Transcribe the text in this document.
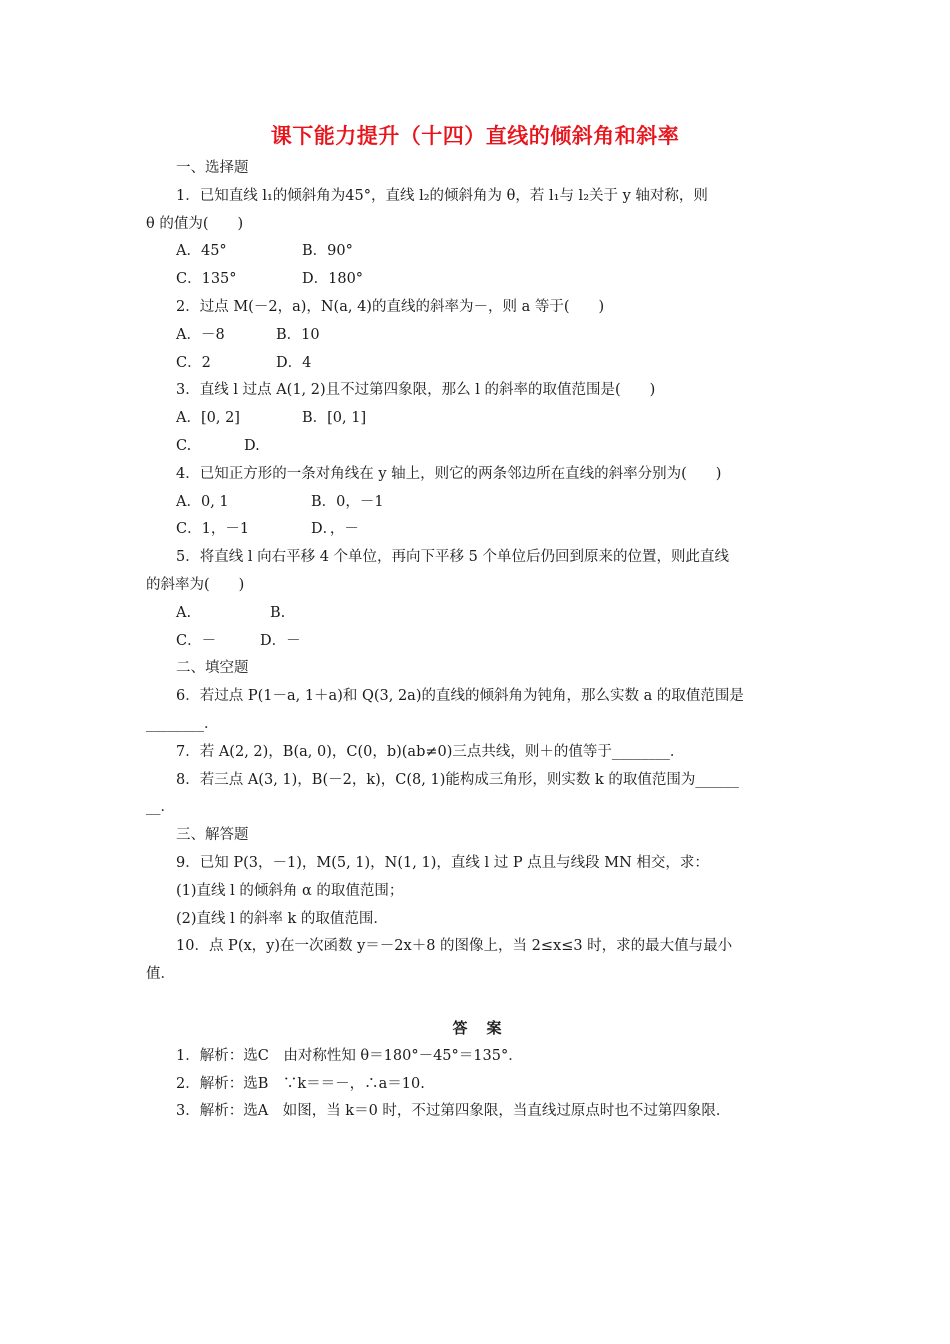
课下能力提升（十四）直线的倾斜角和斜率
一、选择题
1．已知直线 l₁的倾斜角为45°，直线 l₂的倾斜角为 θ，若 l₁与 l₂关于 y 轴对称，则
θ 的值为(　　)
A．45°	B．90°
C．135°	D．180°
2．过点 M(－2，a)，N(a, 4)的直线的斜率为－，则 a 等于(　　)
A．－8	B．10
C．2	D．4
3．直线 l 过点 A(1, 2)且不过第四象限，那么 l 的斜率的取值范围是(　　)
A．[0, 2]	B．[0, 1]
C.	D.
4．已知正方形的一条对角线在 y 轴上，则它的两条邻边所在直线的斜率分别为(　　)
A．0, 1	B．0，－1
C．1，－1	D．，－
5．将直线 l 向右平移 4 个单位，再向下平移 5 个单位后仍回到原来的位置，则此直线
的斜率为(　　)
A.	B.
C．－	D．－
二、填空题
6．若过点 P(1－a, 1＋a)和 Q(3, 2a)的直线的倾斜角为钝角，那么实数 a 的取值范围是
________．
7．若 A(2, 2)，B(a, 0)，C(0，b)(ab≠0)三点共线，则＋的值等于________．
8．若三点 A(3, 1)，B(－2，k)，C(8, 1)能构成三角形，则实数 k 的取值范围为______
__．
三、解答题
9．已知 P(3，－1)，M(5, 1)，N(1, 1)，直线 l 过 P 点且与线段 MN 相交，求：
(1)直线 l 的倾斜角 α 的取值范围；
(2)直线 l 的斜率 k 的取值范围．
10．点 P(x，y)在一次函数 y＝－2x＋8 的图像上，当 2≤x≤3 时，求的最大值与最小
值．
答　案
1．解析：选C　由对称性知 θ＝180°－45°＝135°．
2．解析：选B　∵k＝＝－，∴a＝10.
3．解析：选A　如图，当 k＝0 时，不过第四象限，当直线过原点时也不过第四象限．
